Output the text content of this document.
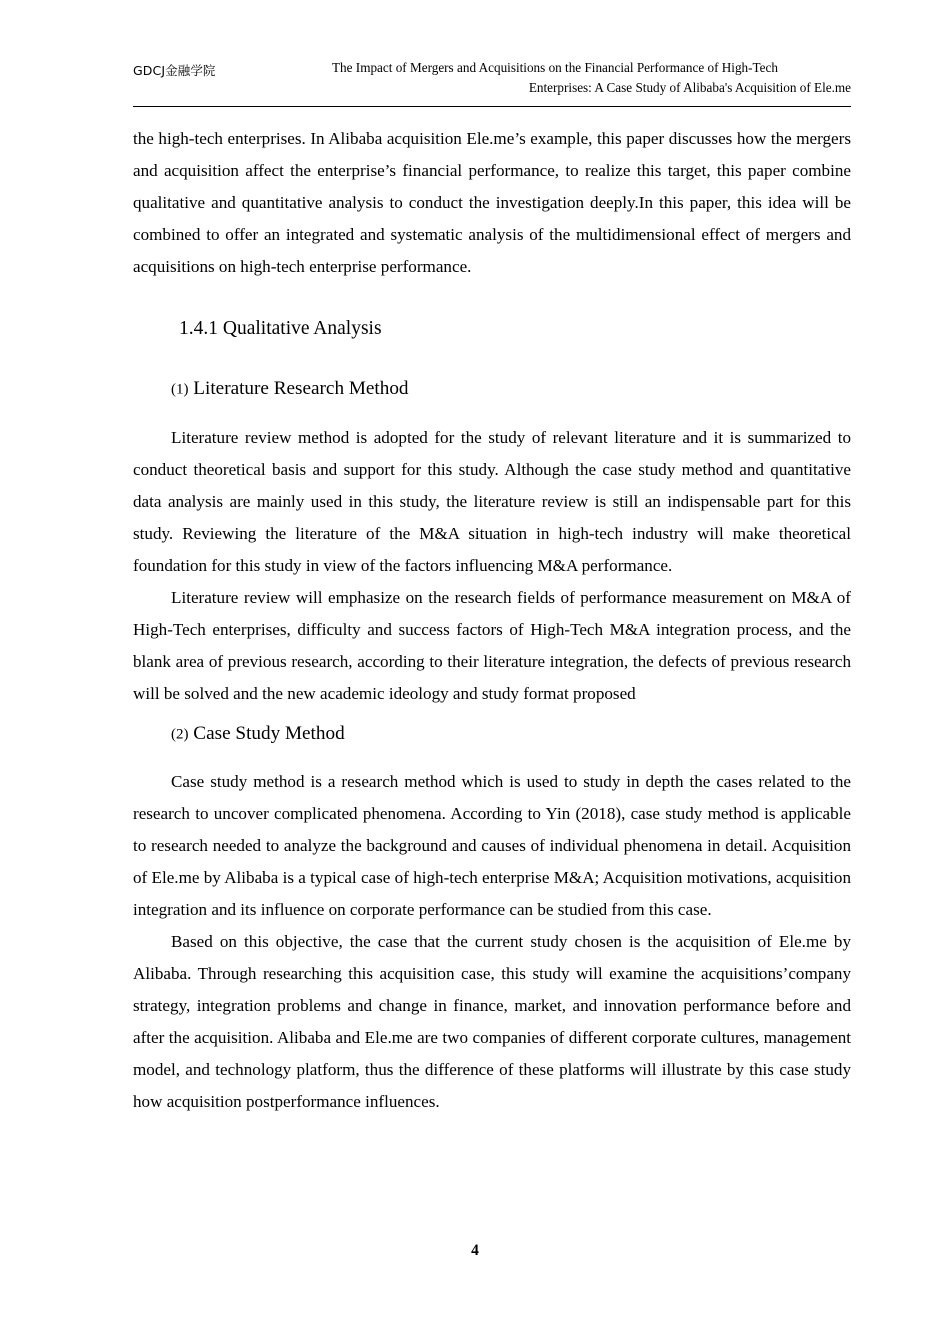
GDCJ金融学院	The Impact of Mergers and Acquisitions on the Financial Performance of High-Tech
Enterprises: A Case Study of Alibaba's Acquisition of Ele.me

the high-tech enterprises. In Alibaba acquisition Ele.me’s example, this paper discusses how the mergers and acquisition affect the enterprise’s financial performance, to realize this target, this paper combine qualitative and quantitative analysis to conduct the investigation deeply.In this paper, this idea will be combined to offer an integrated and systematic analysis of the multidimensional effect of mergers and acquisitions on high-tech enterprise performance.

1.4.1 Qualitative Analysis
(1) Literature Research Method

Literature review method is adopted for the study of relevant literature and it is summarized to conduct theoretical basis and support for this study. Although the case study method and quantitative data analysis are mainly used in this study, the literature review is still an indispensable part for this study. Reviewing the literature of the M&A situation in high-tech industry will make theoretical foundation for this study in view of the factors influencing M&A performance.

Literature review will emphasize on the research fields of performance measurement on M&A of High-Tech enterprises, difficulty and success factors of High-Tech M&A integration process, and the blank area of previous research, according to their literature integration, the defects of previous research will be solved and the new academic ideology and study format proposed

(2) Case Study Method

Case study method is a research method which is used to study in depth the cases related to the research to uncover complicated phenomena. According to Yin (2018), case study method is applicable to research needed to analyze the background and causes of individual phenomena in detail. Acquisition of Ele.me by Alibaba is a typical case of high-tech enterprise M&A; Acquisition motivations, acquisition integration and its influence on corporate performance can be studied from this case.

Based on this objective, the case that the current study chosen is the acquisition of Ele.me by Alibaba. Through researching this acquisition case, this study will examine the acquisitions’company strategy, integration problems and change in finance, market, and innovation performance before and after the acquisition. Alibaba and Ele.me are two companies of different corporate cultures, management model, and technology platform, thus the difference of these platforms will illustrate by this case study how acquisition postperformance influences.

4
